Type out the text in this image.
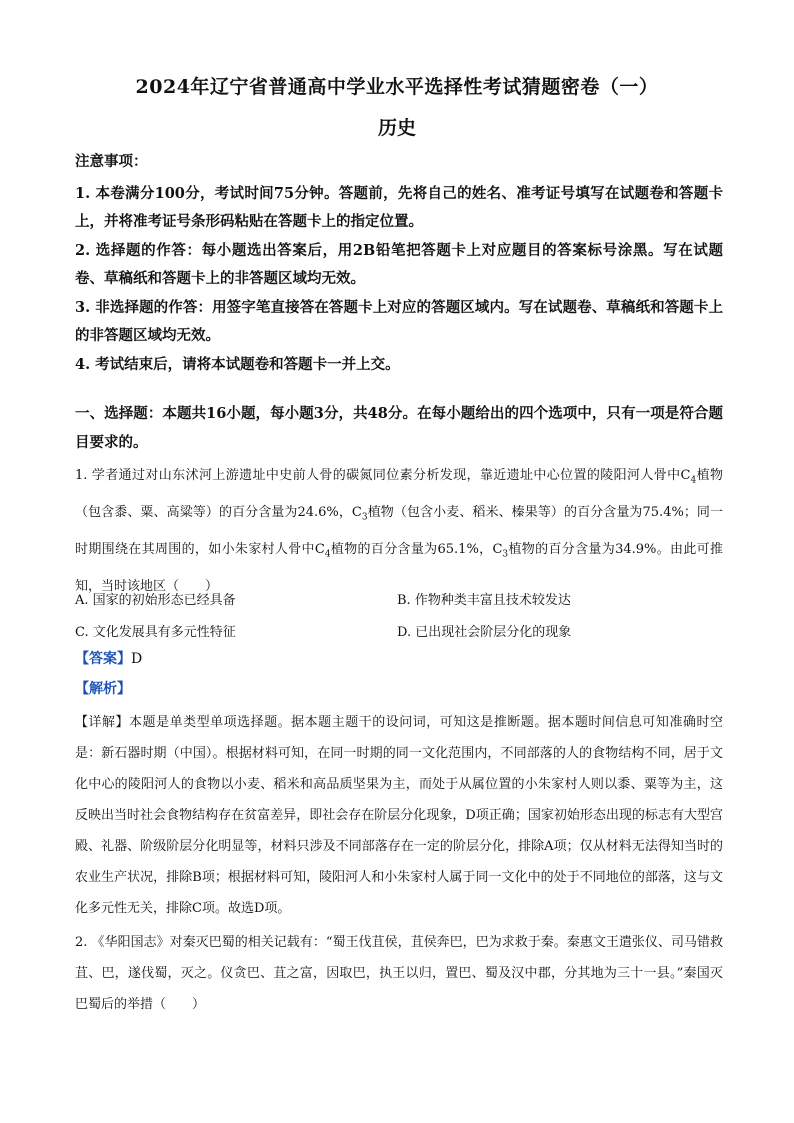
2024年辽宁省普通高中学业水平选择性考试猜题密卷（一）
历史
注意事项：

1. 本卷满分100分，考试时间75分钟。答题前，先将自己的姓名、准考证号填写在试题卷和答题卡上，并将准考证号条形码粘贴在答题卡上的指定位置。

2. 选择题的作答：每小题选出答案后，用2B铅笔把答题卡上对应题目的答案标号涂黑。写在试题卷、草稿纸和答题卡上的非答题区域均无效。

3. 非选择题的作答：用签字笔直接答在答题卡上对应的答题区域内。写在试题卷、草稿纸和答题卡上的非答题区域均无效。

4. 考试结束后，请将本试题卷和答题卡一并上交。

一、选择题：本题共16小题，每小题3分，共48分。在每小题给出的四个选项中，只有一项是符合题目要求的。
1. 学者通过对山东沭河上游遗址中史前人骨的碳氮同位素分析发现，靠近遗址中心位置的陵阳河人骨中$C_4$植物（包含黍、粟、高粱等）的百分含量为24.6%，$C_3$植物（包含小麦、稻米、榛果等）的百分含量为75.4%；同一时期围绕在其周围的，如小朱家村人骨中$C_4$植物的百分含量为65.1%，$C_3$植物的百分含量为34.9%。由此可推知，当时该地区（　　）
A. 国家的初始形态已经具备	B. 作物种类丰富且技术较发达
C. 文化发展具有多元性特征	D. 已出现社会阶层分化的现象
【答案】D
【解析】
【详解】本题是单类型单项选择题。据本题主题干的设问词，可知这是推断题。据本题时间信息可知准确时空是：新石器时期（中国）。根据材料可知，在同一时期的同一文化范围内，不同部落的人的食物结构不同，居于文化中心的陵阳河人的食物以小麦、稻米和高品质坚果为主，而处于从属位置的小朱家村人则以黍、粟等为主，这反映出当时社会食物结构存在贫富差异，即社会存在阶层分化现象，D项正确；国家初始形态出现的标志有大型宫殿、礼器、阶级阶层分化明显等，材料只涉及不同部落存在一定的阶层分化，排除A项；仅从材料无法得知当时的农业生产状况，排除B项；根据材料可知，陵阳河人和小朱家村人属于同一文化中的处于不同地位的部落，这与文化多元性无关，排除C项。故选D项。
2. 《华阳国志》对秦灭巴蜀的相关记载有：“蜀王伐苴侯，苴侯奔巴，巴为求救于秦。秦惠文王遣张仪、司马错救苴、巴，遂伐蜀，灭之。仪贪巴、苴之富，因取巴，执王以归，置巴、蜀及汉中郡，分其地为三十一县。”秦国灭巴蜀后的举措（　　）
